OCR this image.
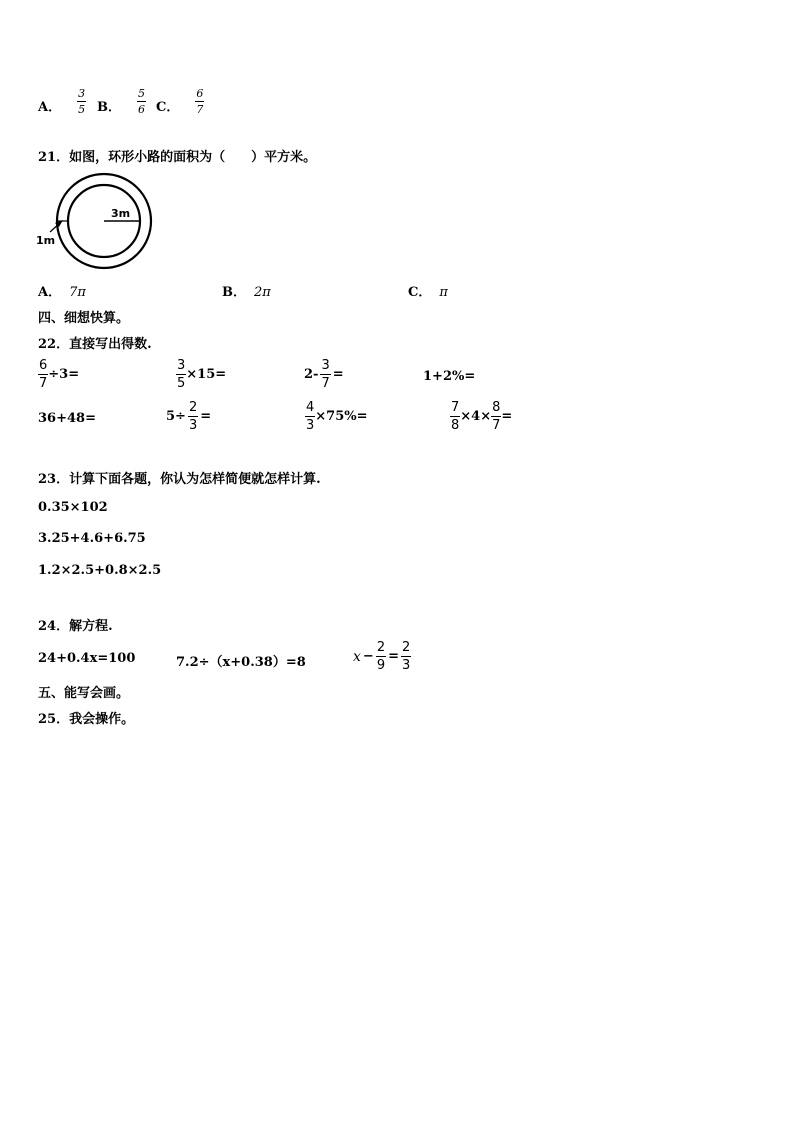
A． $\frac{3}{5}$ B． $\frac{5}{6}$ C． $\frac{6}{7}$
21．如图，环形小路的面积为（　　）平方米。
3m
1m
A． 7π	B． 2π	C． π
四、细想快算。
22．直接写出得数.
$\frac{6}{7} \div 3=$	$\frac{3}{5} \times 15=$	$2- \frac{3}{7}$ =	1+2%=
36+48=	$5\div \frac{2}{3}$ =	$\frac{4}{3} \times 75\%=$	$\frac{7}{8} \times 4\times \frac{8}{7}$ =
23．计算下面各题，你认为怎样简便就怎样计算.
0.35×102
3.25+4.6+6.75
1.2×2.5+0.8×2.5
24．解方程.
24+0.4x=100	7.2÷（x+0.38）=8	$x - \frac{2}{9} = \frac{2}{3}$
五、能写会画。
25．我会操作。
